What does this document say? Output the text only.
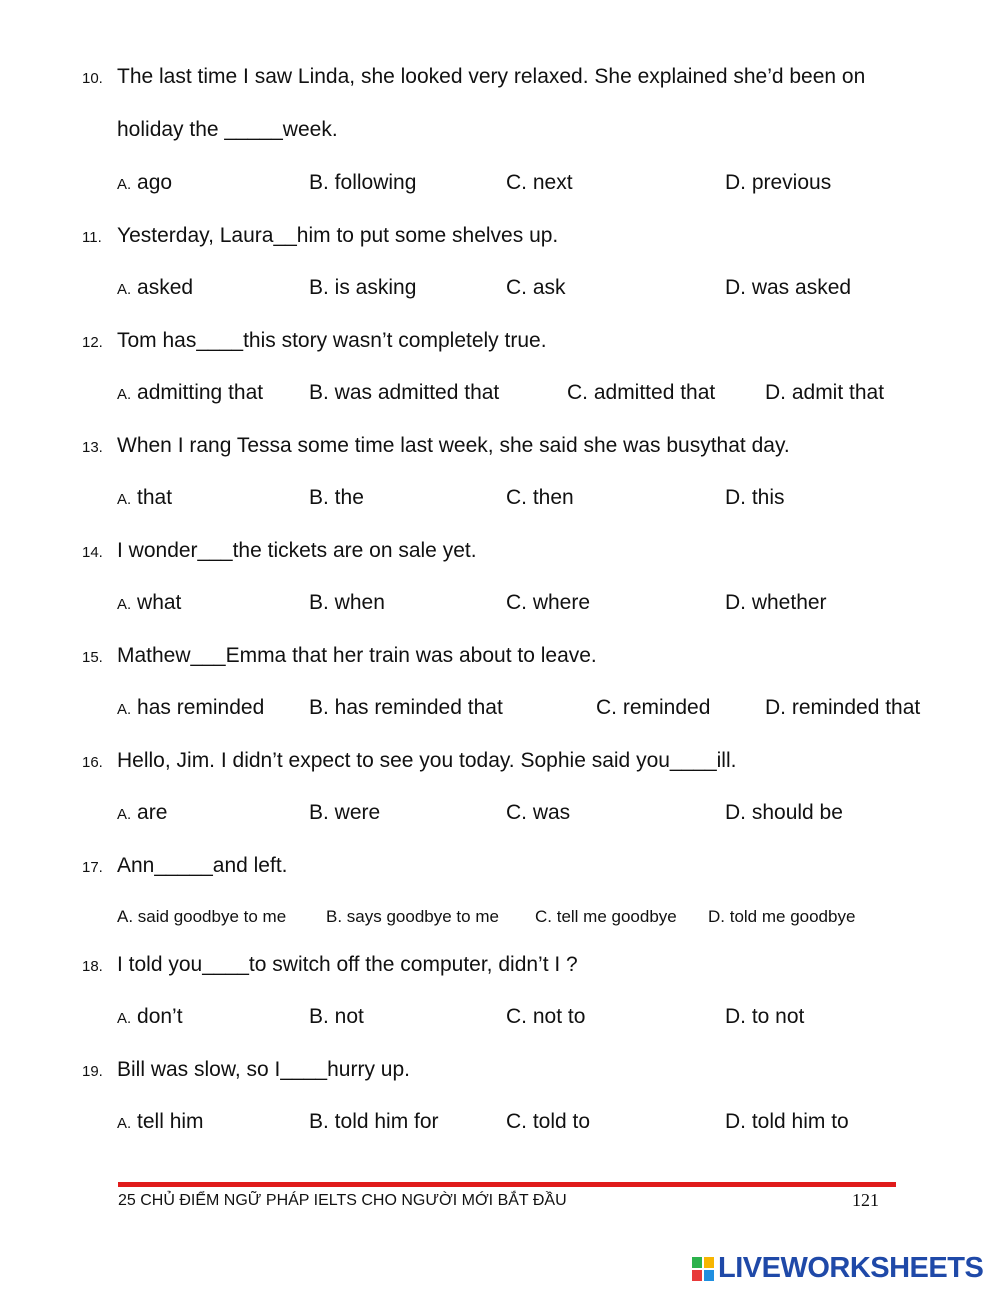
10. The last time I saw Linda, she looked very relaxed. She explained she’d been on
holiday the _____week.
A. ago	B. following	C. next	D. previous
11. Yesterday, Laura__him to put some shelves up.
A. asked	B. is asking	C. ask	D. was asked
12. Tom has____this story wasn’t completely true.
A. admitting that B. was admitted that	C. admitted that D. admit that
13. When I rang Tessa some time last week, she said she was busythat day.
A. that	B. the	C. then	D. this
14. I wonder___the tickets are on sale yet.
A. what	B. when	C. where	D. whether
15. Mathew___Emma that her train was about to leave.
A. has reminded B. has reminded that	C. reminded	D. reminded that
16. Hello, Jim. I didn’t expect to see you today. Sophie said you____ill.
A. are	B. were	C. was	D. should be
17. Ann_____and left.
A. said goodbye to me B. says goodbye to me C. tell me goodbye D. told me goodbye
18. I told you____to switch off the computer, didn’t I ?
A. don’t	B. not	C. not to	D. to not
19. Bill was slow, so I____hurry up.
A. tell him	B. told him for	C. told to	D. told him to
25 CHỦ ĐIỂM NGỮ PHÁP IELTS CHO NGƯỜI MỚI BẮT ĐẦU	121
LIVEWORKSHEETS
